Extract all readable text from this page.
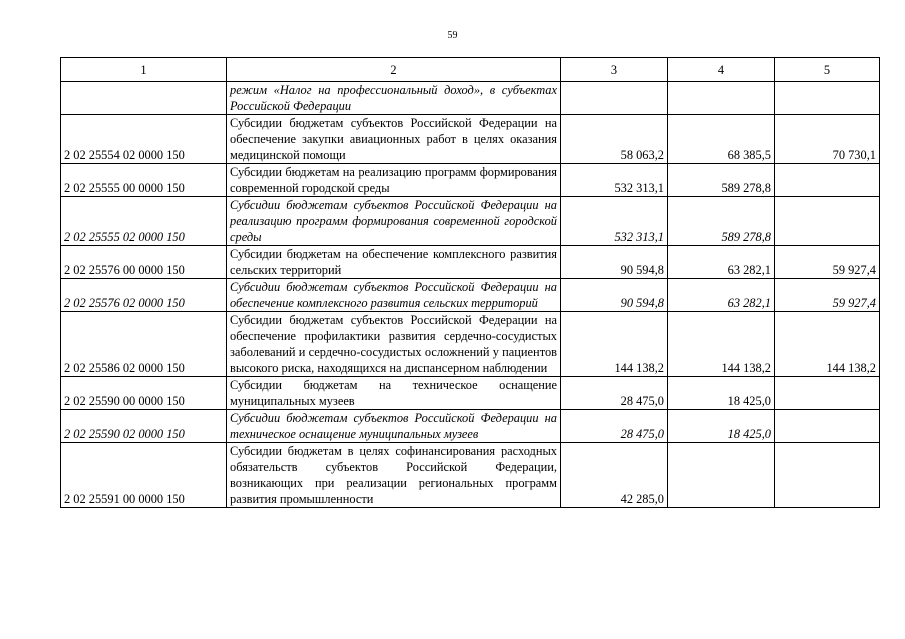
59
1	2	3	4	5
	режим «Налог на профессиональный доход», в субъектах Российской Федерации			
2 02 25554 02 0000 150	Субсидии бюджетам субъектов Российской Федерации на обеспечение закупки авиационных работ в целях оказания медицинской помощи	58 063,2	68 385,5	70 730,1
2 02 25555 00 0000 150	Субсидии бюджетам на реализацию программ формирования современной городской среды	532 313,1	589 278,8	
2 02 25555 02 0000 150	Субсидии бюджетам субъектов Российской Федерации на реализацию программ формирования современной городской среды	532 313,1	589 278,8	
2 02 25576 00 0000 150	Субсидии бюджетам на обеспечение комплексного развития сельских территорий	90 594,8	63 282,1	59 927,4
2 02 25576 02 0000 150	Субсидии бюджетам субъектов Российской Федерации на обеспечение комплексного развития сельских территорий	90 594,8	63 282,1	59 927,4
2 02 25586 02 0000 150	Субсидии бюджетам субъектов Российской Федерации на обеспечение профилактики развития сердечно-сосудистых заболеваний и сердечно-сосудистых осложнений у пациентов высокого риска, находящихся на диспансерном наблюдении	144 138,2	144 138,2	144 138,2
2 02 25590 00 0000 150	Субсидии бюджетам на техническое оснащение муниципальных музеев	28 475,0	18 425,0	
2 02 25590 02 0000 150	Субсидии бюджетам субъектов Российской Федерации на техническое оснащение муниципальных музеев	28 475,0	18 425,0	
2 02 25591 00 0000 150	Субсидии бюджетам в целях софинансирования расходных обязательств субъектов Российской Федерации, возникающих при реализации региональных программ развития промышленности	42 285,0		
